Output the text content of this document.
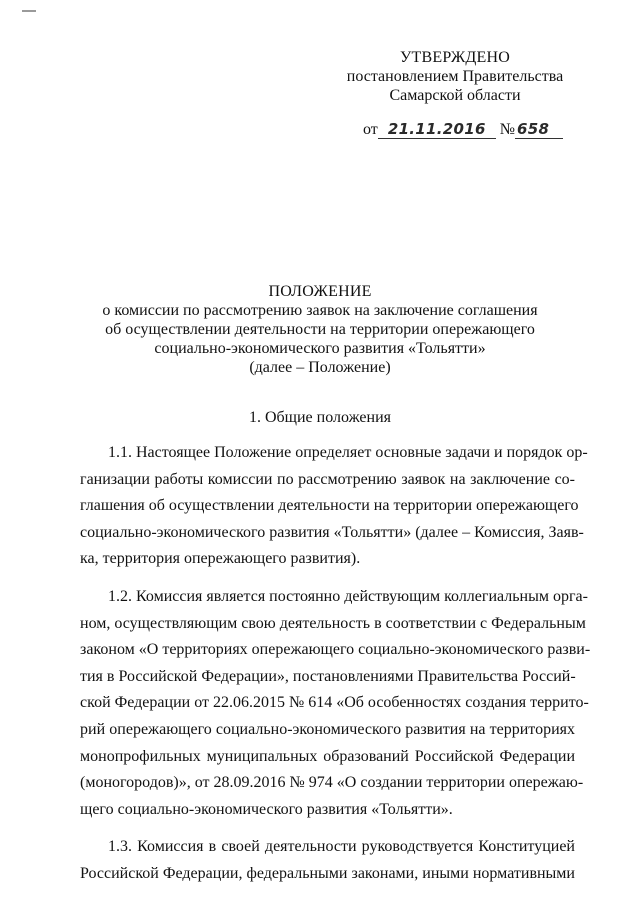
УТВЕРЖДЕНО
постановлением Правительства
Самарской области
от 21.11.2016 № 658
ПОЛОЖЕНИЕ
о комиссии по рассмотрению заявок на заключение соглашения
об осуществлении деятельности на территории опережающего
социально-экономического развития «Тольятти»
(далее – Положение)
1. Общие положения

1.1. Настоящее Положение определяет основные задачи и порядок ор-
ганизации работы комиссии по рассмотрению заявок на заключение со-
глашения об осуществлении деятельности на территории опережающего
социально-экономического развития «Тольятти» (далее – Комиссия, Заяв-
ка, территория опережающего развития).

1.2. Комиссия является постоянно действующим коллегиальным орга-
ном, осуществляющим свою деятельность в соответствии с Федеральным
законом «О территориях опережающего социально-экономического разви-
тия в Российской Федерации», постановлениями Правительства Россий-
ской Федерации от 22.06.2015 № 614 «Об особенностях создания террито-
рий опережающего социально-экономического развития на территориях
монопрофильных муниципальных образований Российской Федерации
(моногородов)», от 28.09.2016 № 974 «О создании территории опережаю-
щего социально-экономического развития «Тольятти».

1.3. Комиссия в своей деятельности руководствуется Конституцией
Российской Федерации, федеральными законами, иными нормативными
